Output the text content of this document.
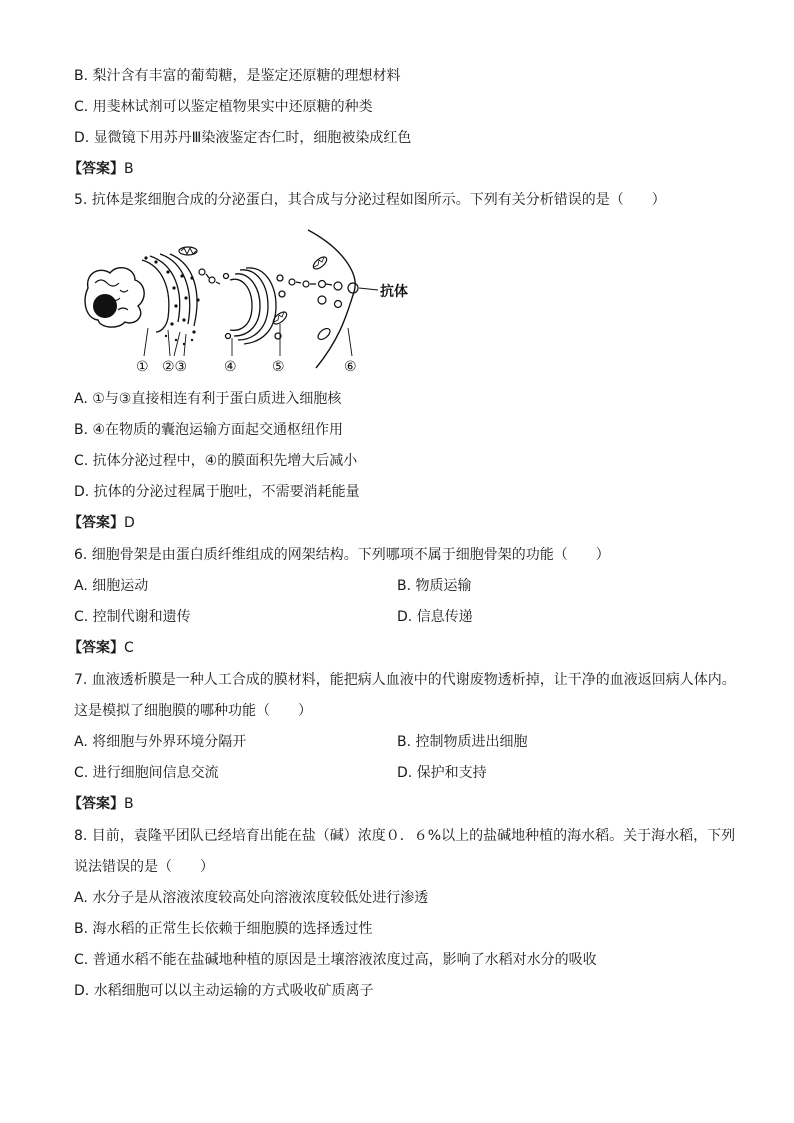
B. 梨汁含有丰富的葡萄糖，是鉴定还原糖的理想材料
C. 用斐林试剂可以鉴定植物果实中还原糖的种类
D. 显微镜下用苏丹Ⅲ染液鉴定杏仁时，细胞被染成红色
【答案】B
5. 抗体是浆细胞合成的分泌蛋白，其合成与分泌过程如图所示。下列有关分析错误的是（　　）
抗体
① ②③	④	⑤	⑥
A. ①与③直接相连有利于蛋白质进入细胞核
B. ④在物质的囊泡运输方面起交通枢纽作用
C. 抗体分泌过程中，④的膜面积先增大后减小
D. 抗体的分泌过程属于胞吐，不需要消耗能量
【答案】D
6. 细胞骨架是由蛋白质纤维组成的网架结构。下列哪项不属于细胞骨架的功能（　　）
A. 细胞运动	B. 物质运输
C. 控制代谢和遗传	D. 信息传递
【答案】C
7. 血液透析膜是一种人工合成的膜材料，能把病人血液中的代谢废物透析掉，让干净的血液返回病人体内。
这是模拟了细胞膜的哪种功能（　　）
A. 将细胞与外界环境分隔开	B. 控制物质进出细胞
C. 进行细胞间信息交流	D. 保护和支持
【答案】B
8. 目前，袁隆平团队已经培育出能在盐（碱）浓度０．６%以上的盐碱地种植的海水稻。关于海水稻，下列
说法错误的是（　　）
A. 水分子是从溶液浓度较高处向溶液浓度较低处进行渗透
B. 海水稻的正常生长依赖于细胞膜的选择透过性
C. 普通水稻不能在盐碱地种植的原因是土壤溶液浓度过高，影响了水稻对水分的吸收
D. 水稻细胞可以以主动运输的方式吸收矿质离子
